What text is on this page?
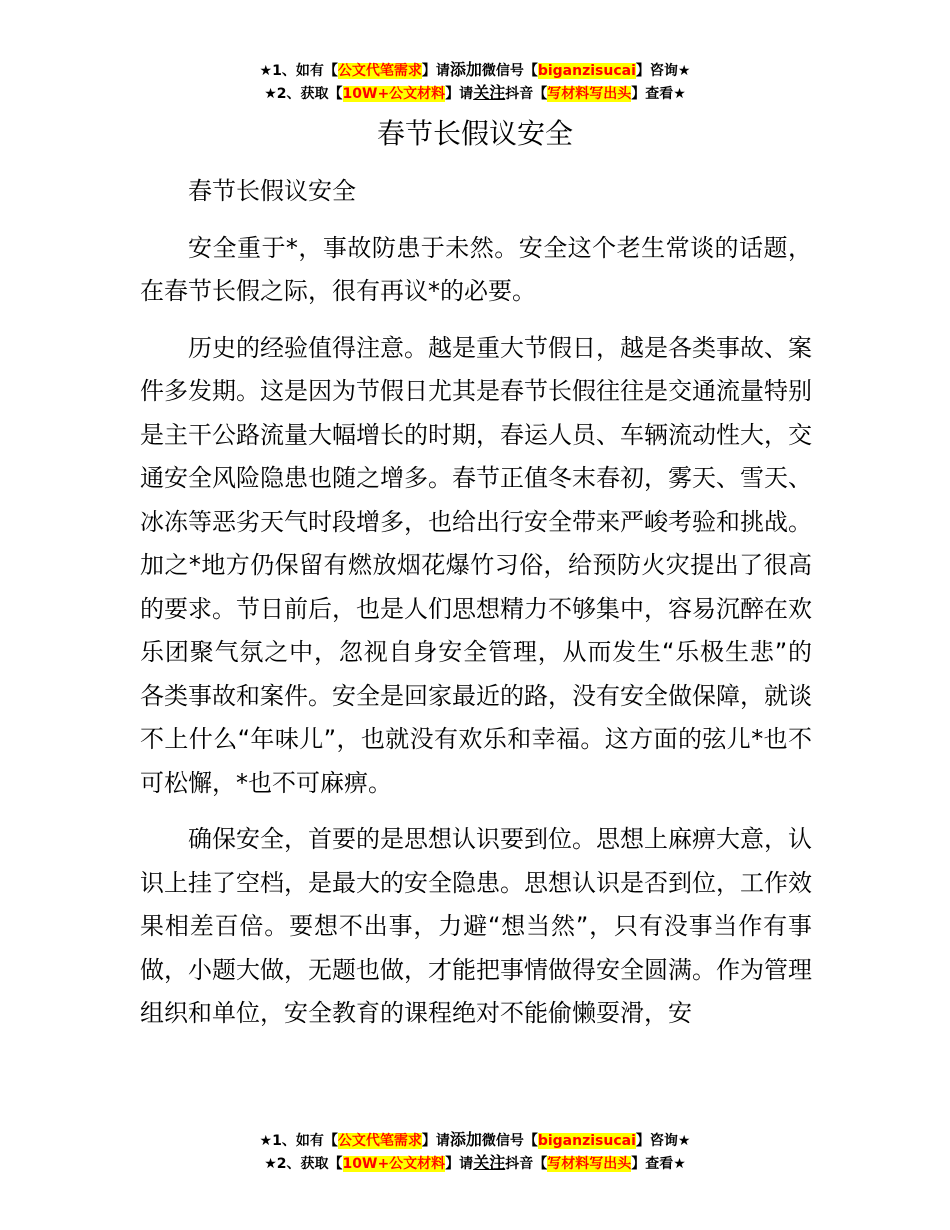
★1、如有【公文代笔需求】请添加微信号【biganzisucai】咨询★
★2、获取【10W+公文材料】请关注抖音【写材料写出头】查看★
春节长假议安全

春节长假议安全

安全重于*，事故防患于未然。安全这个老生常谈的话题，在春节长假之际，很有再议*的必要。

历史的经验值得注意。越是重大节假日，越是各类事故、案件多发期。这是因为节假日尤其是春节长假往往是交通流量特别是主干公路流量大幅增长的时期，春运人员、车辆流动性大，交通安全风险隐患也随之增多。春节正值冬末春初，雾天、雪天、冰冻等恶劣天气时段增多，也给出行安全带来严峻考验和挑战。加之*地方仍保留有燃放烟花爆竹习俗，给预防火灾提出了很高的要求。节日前后，也是人们思想精力不够集中，容易沉醉在欢乐团聚气氛之中，忽视自身安全管理，从而发生“乐极生悲”的各类事故和案件。安全是回家最近的路，没有安全做保障，就谈不上什么“年味儿”，也就没有欢乐和幸福。这方面的弦儿*也不可松懈，*也不可麻痹。

确保安全，首要的是思想认识要到位。思想上麻痹大意，认识上挂了空档，是最大的安全隐患。思想认识是否到位，工作效果相差百倍。要想不出事，力避“想当然”，只有没事当作有事做，小题大做，无题也做，才能把事情做得安全圆满。作为管理组织和单位，安全教育的课程绝对不能偷懒耍滑，安

★1、如有【公文代笔需求】请添加微信号【biganzisucai】咨询★
★2、获取【10W+公文材料】请关注抖音【写材料写出头】查看★
